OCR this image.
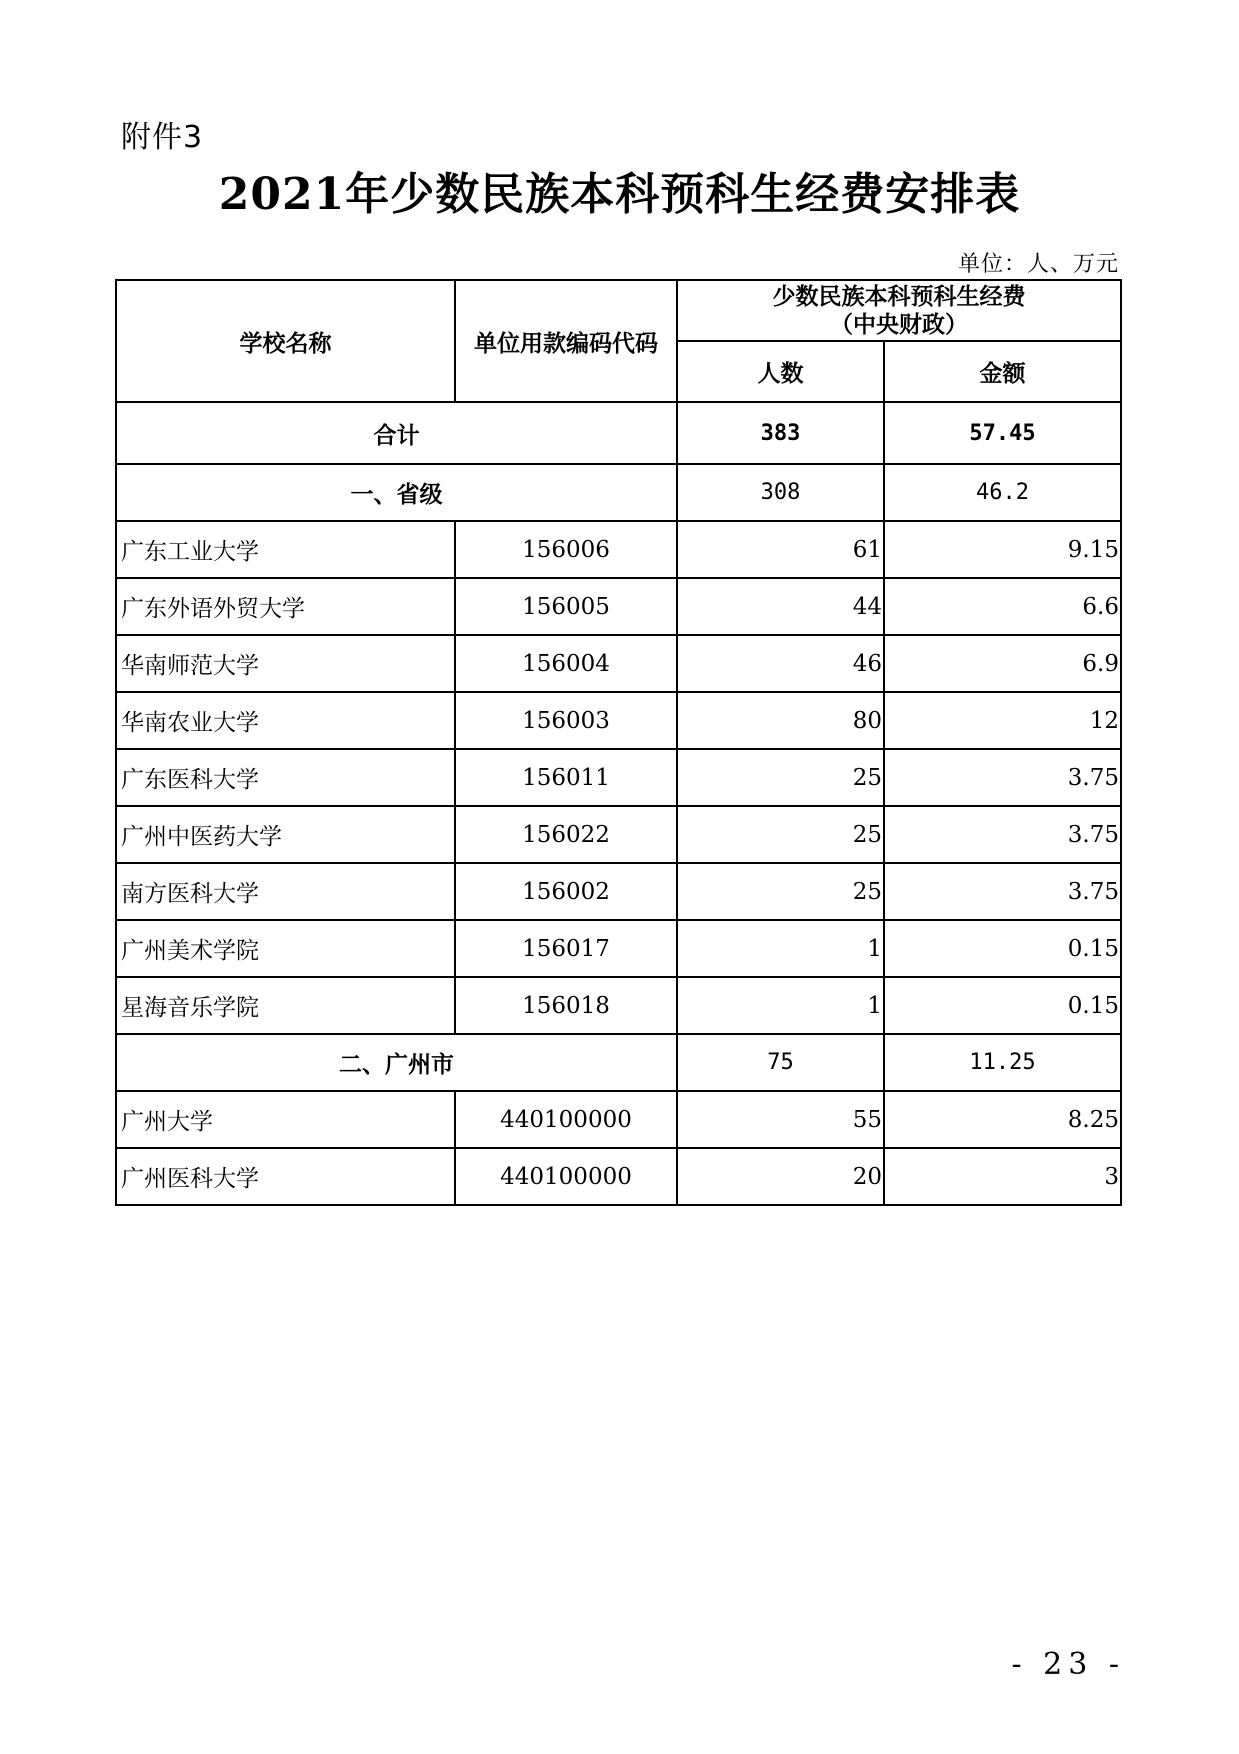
附件3
2021年少数民族本科预科生经费安排表
单位：人、万元
学校名称	单位用款编码代码	少数民族本科预科生经费
（中央财政）	

		人数	金额
合计		383	57.45
一、省级		308	46.2
广东工业大学	156006	61	9.15
广东外语外贸大学	156005	44	6.6
华南师范大学	156004	46	6.9
华南农业大学	156003	80	12
广东医科大学	156011	25	3.75
广州中医药大学	156022	25	3.75
南方医科大学	156002	25	3.75
广州美术学院	156017	1	0.15
星海音乐学院	156018	1	0.15
二、广州市		75	11.25
广州大学	440100000	55	8.25
广州医科大学	440100000	20	3
- 23 -
